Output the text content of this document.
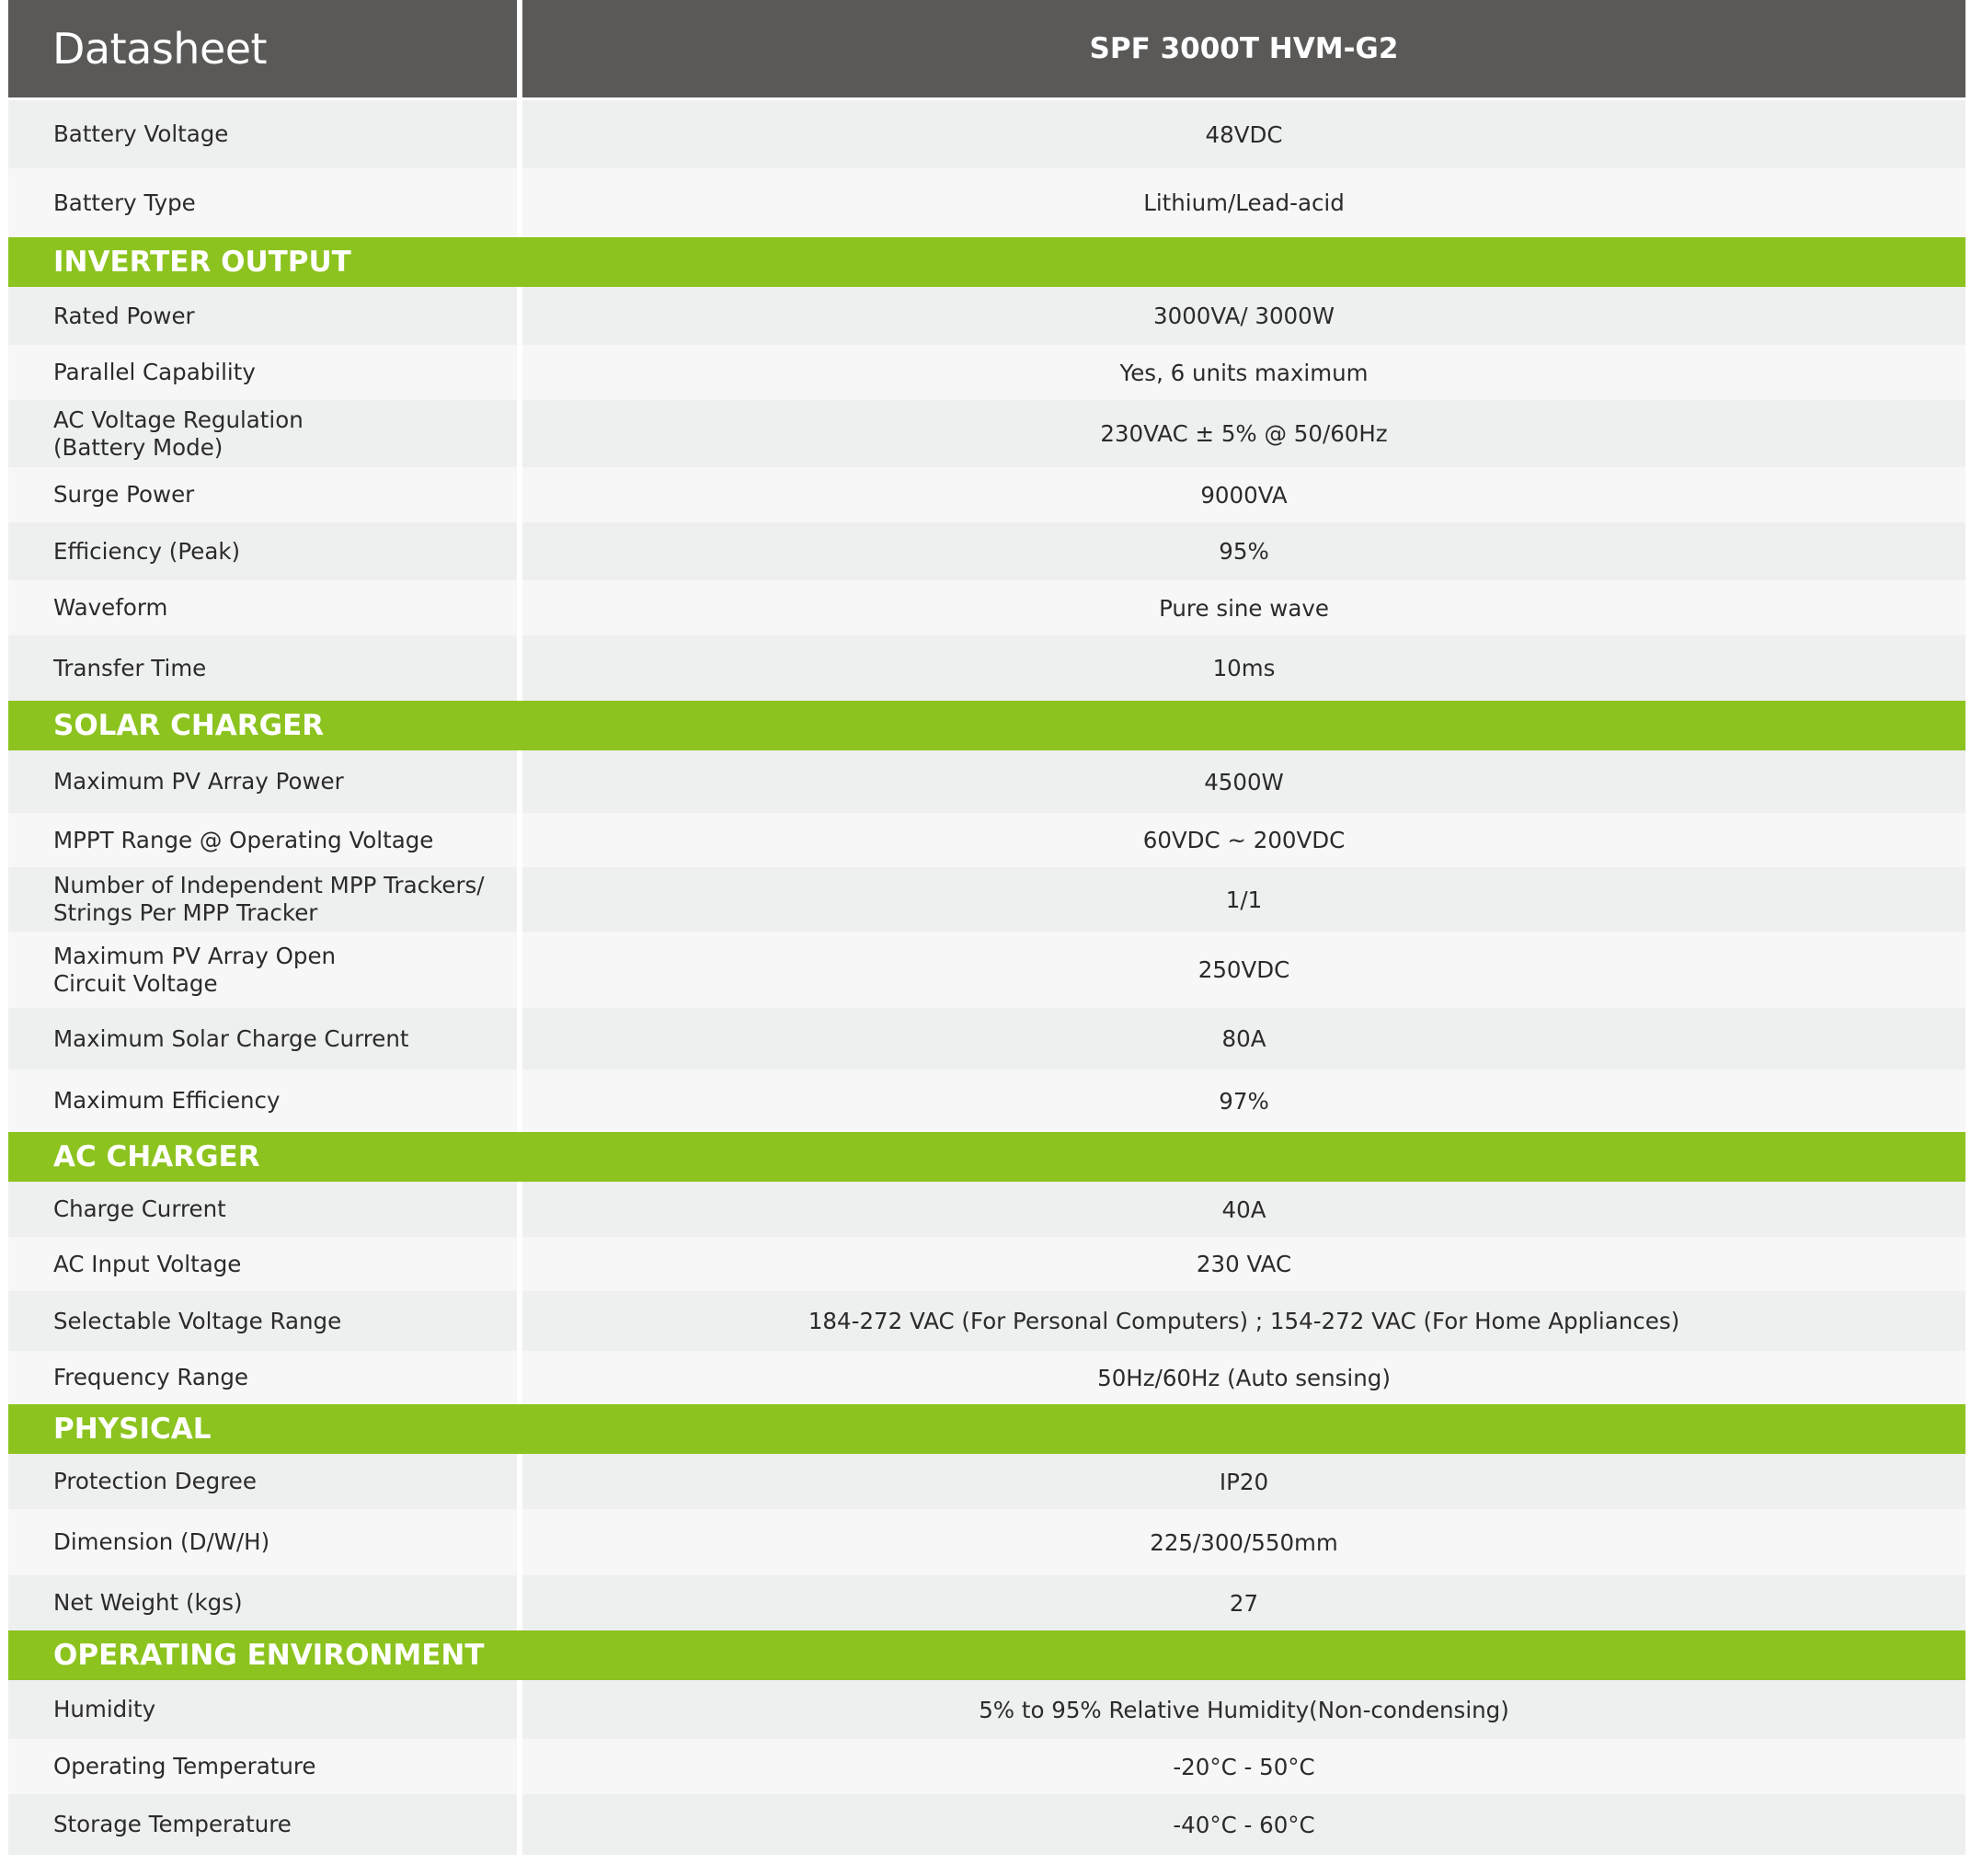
Datasheet	SPF 3000T HVM-G2
Battery Voltage	48VDC
Battery Type	Lithium/Lead-acid
INVERTER OUTPUT
Rated Power	3000VA/ 3000W
Parallel Capability	Yes, 6 units maximum
AC Voltage Regulation
(Battery Mode)	230VAC ± 5% @ 50/60Hz
Surge Power	9000VA
Efficiency (Peak)	95%
Waveform	Pure sine wave
Transfer Time	10ms
SOLAR CHARGER
Maximum PV Array Power	4500W
MPPT Range @ Operating Voltage	60VDC ~ 200VDC
Number of Independent MPP Trackers/
Strings Per MPP Tracker	1/1
Maximum PV Array Open
Circuit Voltage	250VDC
Maximum Solar Charge Current	80A
Maximum Efficiency	97%
AC CHARGER
Charge Current	40A
AC Input Voltage	230 VAC
Selectable Voltage Range	184-272 VAC (For Personal Computers) ; 154-272 VAC (For Home Appliances)
Frequency Range	50Hz/60Hz (Auto sensing)
PHYSICAL
Protection Degree	IP20
Dimension (D/W/H)	225/300/550mm
Net Weight (kgs)	27
OPERATING ENVIRONMENT
Humidity	5% to 95% Relative Humidity(Non-condensing)
Operating Temperature	-20°C - 50°C
Storage Temperature	-40°C - 60°C
